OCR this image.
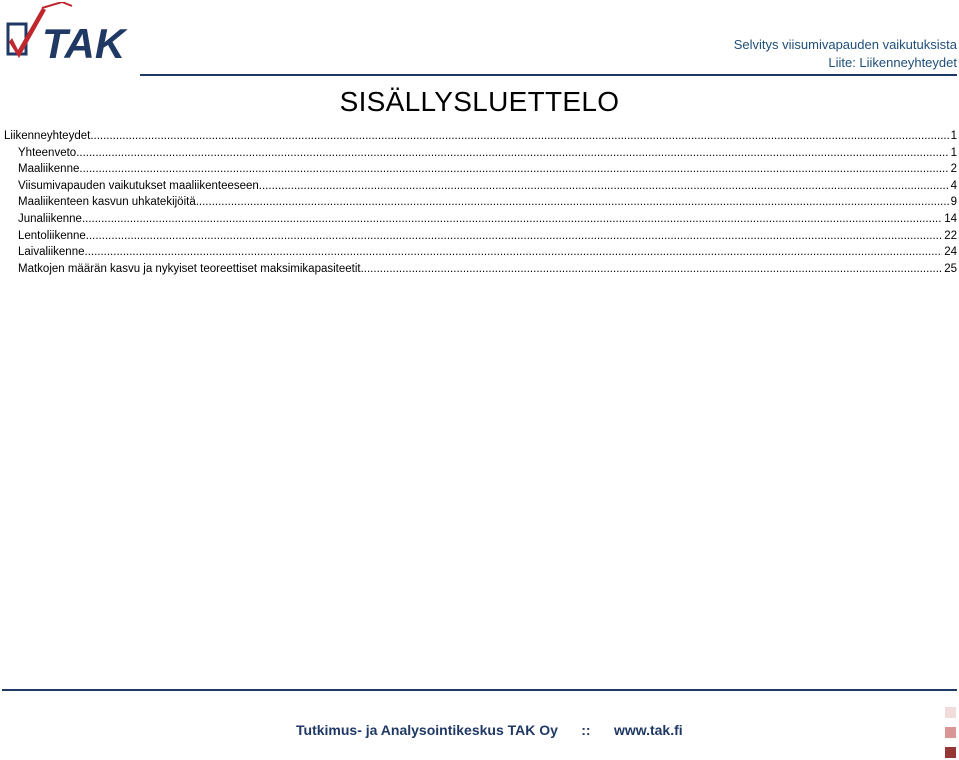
TAK	Selvitys viisumivapauden vaikutuksista
Liite: Liikenneyhteydet
SISÄLLYSLUETTELO
Liikenneyhteydet .....	1
Yhteenveto .....	1
Maaliikenne .....	2
Viisumivapauden vaikutukset maaliikenteeseen .....	4
Maaliikenteen kasvun uhkatekijöitä .....	9
Junaliikenne .....	14
Lentoliikenne .....	22
Laivaliikenne .....	24
Matkojen määrän kasvu ja nykyiset teoreettiset maksimikapasiteetit .....	25
Tutkimus- ja Analysointikeskus TAK Oy :: www.tak.fi
